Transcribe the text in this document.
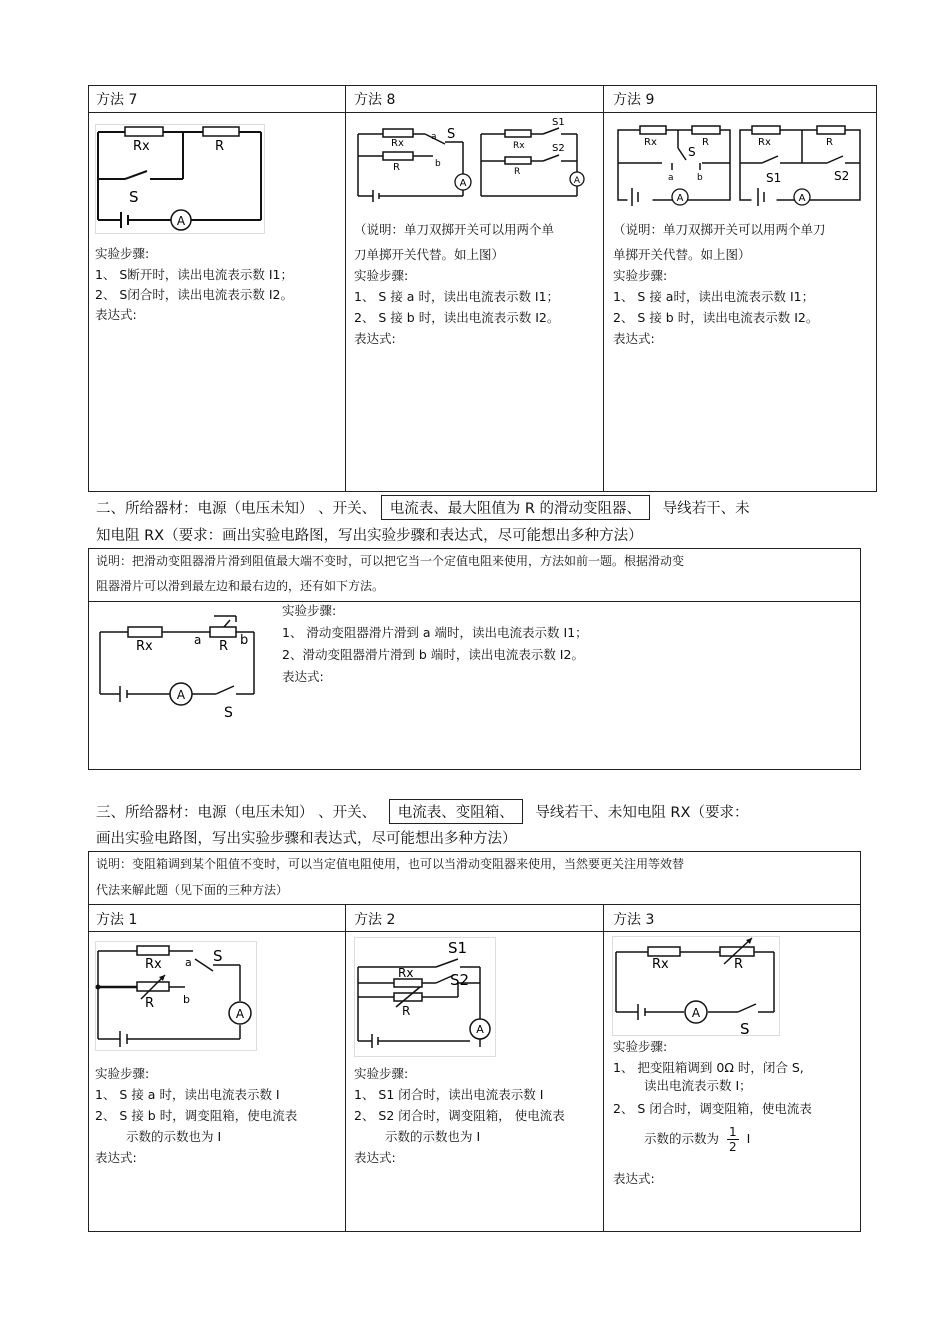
方法 7	方法 8	方法 9
A
Rx	R
S
实验步骤:
1、 S断开时，读出电流表示数 I1；
2、 S闭合时，读出电流表示数 I2。
表达式:
A	A
Rx
R
S
a
b
Rx
R
S1
S2
（说明：单刀双掷开关可以用两个单
刀单掷开关代替。如上图）
实验步骤:
1、 S 接 a 时，读出电流表示数 I1；
2、 S 接 b 时，读出电流表示数 I2。
表达式:
A	A
Rx	R
S
a	b
Rx	R
S1	S2
（说明：单刀双掷开关可以用两个单刀
单掷开关代替。如上图）
实验步骤:
1、 S 接 a时，读出电流表示数 I1；
2、 S 接 b 时，读出电流表示数 I2。
表达式:
二、所给器材：电源（电压未知） 、开关、 电流表、最大阻值为 R 的滑动变阻器、 导线若干、未
知电阻 RX（要求：画出实验电路图，写出实验步骤和表达式，尽可能想出多种方法）
说明：把滑动变阻器滑片滑到阻值最大端不变时，可以把它当一个定值电阻来使用，方法如前一题。根据滑动变
阻器滑片可以滑到最左边和最右边的，还有如下方法。
A
Rx	R
a	b
S
实验步骤:
1、 滑动变阻器滑片滑到 a 端时，读出电流表示数 I1；
2、滑动变阻器滑片滑到 b 端时，读出电流表示数 I2。
表达式:
三、所给器材：电源（电压未知） 、开关、 电流表、变阻箱、 导线若干、未知电阻 RX（要求：
画出实验电路图，写出实验步骤和表达式，尽可能想出多种方法）
说明：变阻箱调到某个阻值不变时，可以当定值电阻使用，也可以当滑动变阻器来使用，当然要更关注用等效替
代法来解此题（见下面的三种方法）
方法 1	方法 2	方法 3
A
Rx
R
S
a
b
实验步骤:
1、 S 接 a 时，读出电流表示数 I
2、 S 接 b 时，调变阻箱，使电流表
示数的示数也为 I
表达式:
A
Rx
R
S1
S2
实验步骤:
1、 S1 闭合时，读出电流表示数 I
2、 S2 闭合时，调变阻箱， 使电流表
示数的示数也为 I
表达式:
A
Rx	R
S
实验步骤:
1、 把变阻箱调到 0Ω 时，闭合 S,
读出电流表示数 I；
2、 S 闭合时，调变阻箱，使电流表
示数的示数为 $\frac{1}{2}$ I
表达式:
